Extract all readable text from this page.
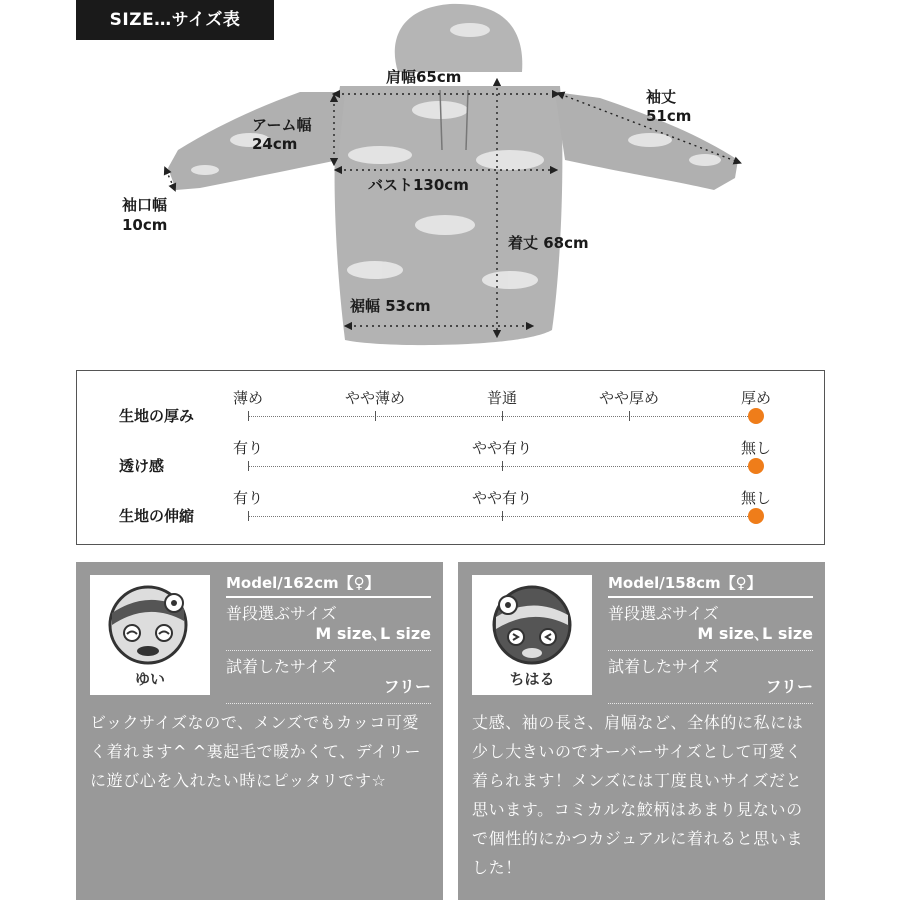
SIZE…サイズ表
肩幅65cm
袖丈
51cm
アーム幅
24cm
バスト130cm
袖口幅
10cm
着丈 68cm
裾幅 53cm
生地の厚み
薄め	やや薄め	普通	やや厚め	厚め
透け感
有り	やや有り	無し
生地の伸縮
有り	やや有り	無し
ゆい
Model/162cm【♀】
普段選ぶサイズ
M size､L size
試着したサイズ
フリー
ビックサイズなので、メンズでもカッコ可愛く着れます^ ^裏起毛で暖かくて、デイリーに遊び心を入れたい時にピッタリです☆
ちはる
Model/158cm【♀】
普段選ぶサイズ
M size､L size
試着したサイズ
フリー
丈感、袖の長さ、肩幅など、全体的に私には少し大きいのでオーバーサイズとして可愛く着られます！メンズには丁度良いサイズだと思います。コミカルな鮫柄はあまり見ないので個性的にかつカジュアルに着れると思いました！
